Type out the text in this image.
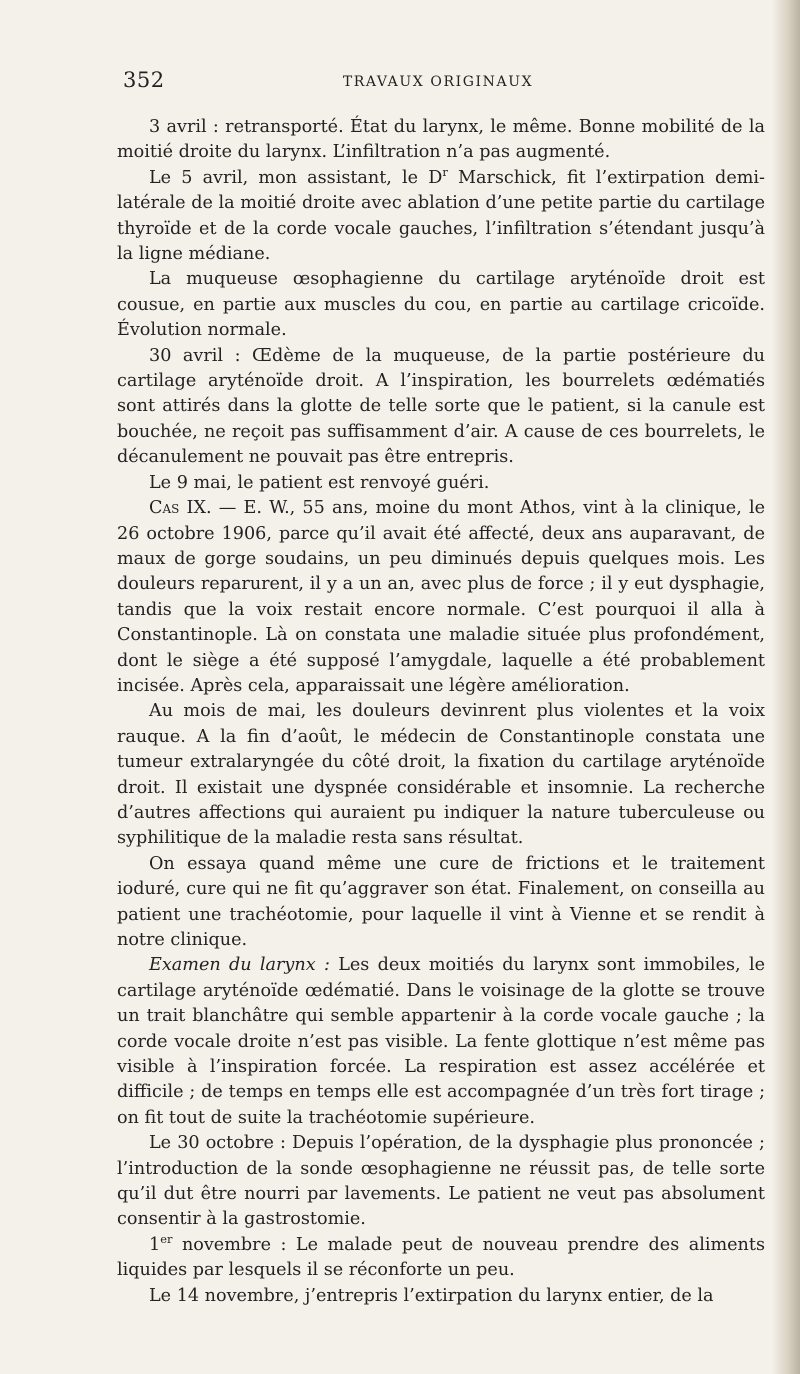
352	TRAVAUX ORIGINAUX

3 avril : retransporté. État du larynx, le même. Bonne mobilité de la moitié droite du larynx. L’infiltration n’a pas augmenté.

Le 5 avril, mon assistant, le $D^r$ Marschick, fit l’extirpation demi-latérale de la moitié droite avec ablation d’une petite partie du cartilage thyroïde et de la corde vocale gauches, l’infiltration s’étendant jusqu’à la ligne médiane.

La muqueuse œsophagienne du cartilage aryténoïde droit est cousue, en partie aux muscles du cou, en partie au cartilage cricoïde. Évolution normale.

30 avril : Œdème de la muqueuse, de la partie postérieure du cartilage aryténoïde droit. A l’inspiration, les bourrelets œdématiés sont attirés dans la glotte de telle sorte que le patient, si la canule est bouchée, ne reçoit pas suffisamment d’air. A cause de ces bourrelets, le décanulement ne pouvait pas être entrepris.

Le 9 mai, le patient est renvoyé guéri.

Cas IX. — E. W., 55 ans, moine du mont Athos, vint à la clinique, le 26 octobre 1906, parce qu’il avait été affecté, deux ans auparavant, de maux de gorge soudains, un peu diminués depuis quelques mois. Les douleurs reparurent, il y a un an, avec plus de force ; il y eut dysphagie, tandis que la voix restait encore normale. C’est pourquoi il alla à Constantinople. Là on constata une maladie située plus profondément, dont le siège a été supposé l’amygdale, laquelle a été probablement incisée. Après cela, apparaissait une légère amélioration.

Au mois de mai, les douleurs devinrent plus violentes et la voix rauque. A la fin d’août, le médecin de Constantinople constata une tumeur extralaryngée du côté droit, la fixation du cartilage aryténoïde droit. Il existait une dyspnée considérable et insomnie. La recherche d’autres affections qui auraient pu indiquer la nature tuberculeuse ou syphilitique de la maladie resta sans résultat.

On essaya quand même une cure de frictions et le traitement ioduré, cure qui ne fit qu’aggraver son état. Finalement, on conseilla au patient une trachéotomie, pour laquelle il vint à Vienne et se rendit à notre clinique.

Examen du larynx : Les deux moitiés du larynx sont immobiles, le cartilage aryténoïde œdématié. Dans le voisinage de la glotte se trouve un trait blanchâtre qui semble appartenir à la corde vocale gauche ; la corde vocale droite n’est pas visible. La fente glottique n’est même pas visible à l’inspiration forcée. La respiration est assez accélérée et difficile ; de temps en temps elle est accompagnée d’un très fort tirage ; on fit tout de suite la trachéotomie supérieure.

Le 30 octobre : Depuis l’opération, de la dysphagie plus prononcée ; l’introduction de la sonde œsophagienne ne réussit pas, de telle sorte qu’il dut être nourri par lavements. Le patient ne veut pas absolument consentir à la gastrostomie.

1er novembre : Le malade peut de nouveau prendre des aliments liquides par lesquels il se réconforte un peu.

Le 14 novembre, j’entrepris l’extirpation du larynx entier, de la
